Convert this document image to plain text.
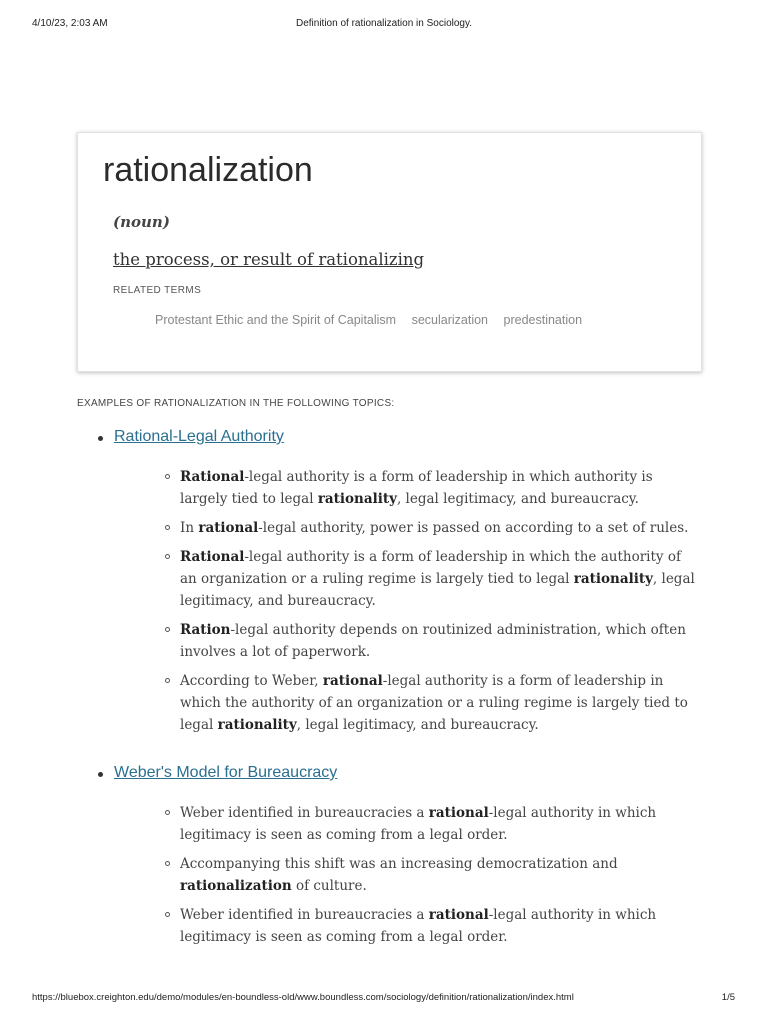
4/10/23, 2:03 AM	Definition of rationalization in Sociology.
rationalization
(noun)
the process, or result of rationalizing
RELATED TERMS
Protestant Ethic and the Spirit of Capitalism secularization predestination
EXAMPLES OF RATIONALIZATION IN THE FOLLOWING TOPICS:
Rational-Legal Authority
Rational-legal authority is a form of leadership in which authority is largely tied to legal rationality, legal legitimacy, and bureaucracy.
In rational-legal authority, power is passed on according to a set of rules.
Rational-legal authority is a form of leadership in which the authority of an organization or a ruling regime is largely tied to legal rationality, legal legitimacy, and bureaucracy.
Ration-legal authority depends on routinized administration, which often involves a lot of paperwork.
According to Weber, rational-legal authority is a form of leadership in which the authority of an organization or a ruling regime is largely tied to legal rationality, legal legitimacy, and bureaucracy.
Weber's Model for Bureaucracy
Weber identified in bureaucracies a rational-legal authority in which legitimacy is seen as coming from a legal order.
Accompanying this shift was an increasing democratization and rationalization of culture.
Weber identified in bureaucracies a rational-legal authority in which legitimacy is seen as coming from a legal order.
https://bluebox.creighton.edu/demo/modules/en-boundless-old/www.boundless.com/sociology/definition/rationalization/index.html	1/5
